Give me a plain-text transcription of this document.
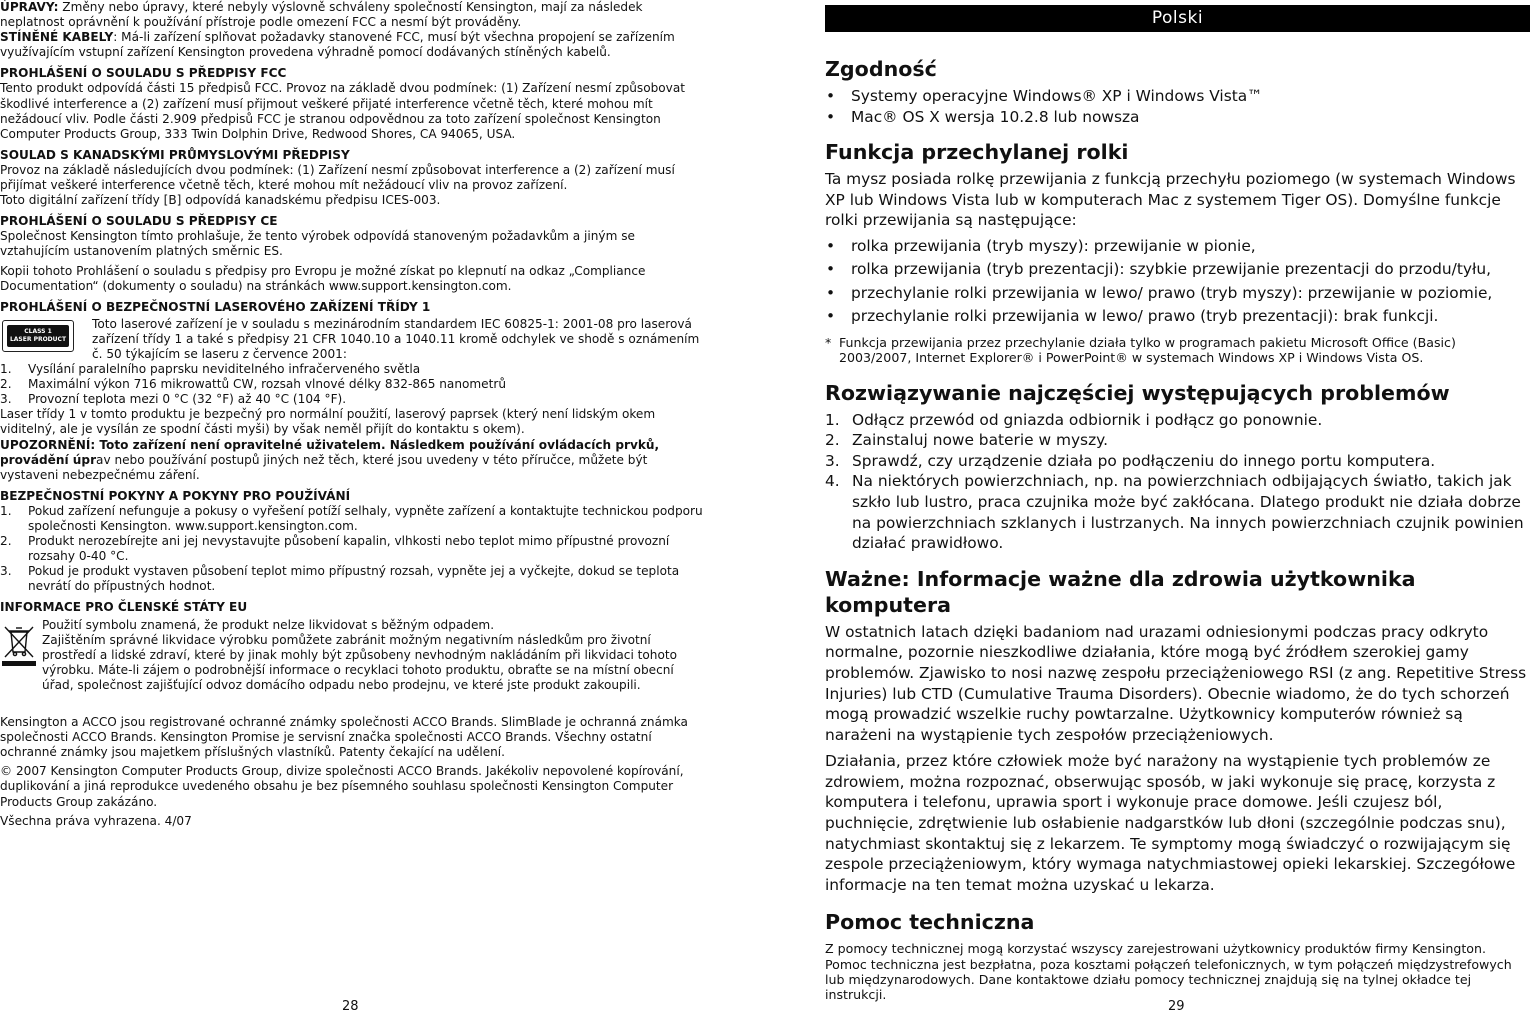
ÚPRAVY: Změny nebo úpravy, které nebyly výslovně schváleny společností Kensington, mají za následek neplatnost oprávnění k používání přístroje podle omezení FCC a nesmí být prováděny.

STÍNĚNÉ KABELY: Má-li zařízení splňovat požadavky stanovené FCC, musí být všechna propojení se zařízením využívajícím vstupní zařízení Kensington provedena výhradně pomocí dodávaných stíněných kabelů.

PROHLÁŠENÍ O SOULADU S PŘEDPISY FCC

Tento produkt odpovídá části 15 předpisů FCC. Provoz na základě dvou podmínek: (1) Zařízení nesmí způsobovat škodlivé interference a (2) zařízení musí přijmout veškeré přijaté interference včetně těch, které mohou mít nežádoucí vliv. Podle části 2.909 předpisů FCC je stranou odpovědnou za toto zařízení společnost Kensington Computer Products Group, 333 Twin Dolphin Drive, Redwood Shores, CA 94065, USA.

SOULAD S KANADSKÝMI PRŮMYSLOVÝMI PŘEDPISY

Provoz na základě následujících dvou podmínek: (1) Zařízení nesmí způsobovat interference a (2) zařízení musí přijímat veškeré interference včetně těch, které mohou mít nežádoucí vliv na provoz zařízení.

Toto digitální zařízení třídy [B] odpovídá kanadskému předpisu ICES-003.

PROHLÁŠENÍ O SOULADU S PŘEDPISY CE

Společnost Kensington tímto prohlašuje, že tento výrobek odpovídá stanoveným požadavkům a jiným se vztahujícím ustanovením platných směrnic ES.

Kopii tohoto Prohlášení o souladu s předpisy pro Evropu je možné získat po klepnutí na odkaz „Compliance Documentation“ (dokumenty o souladu) na stránkách www.support.kensington.com.

PROHLÁŠENÍ O BEZPEČNOSTNÍ LASEROVÉHO ZAŘÍZENÍ TŘÍDY 1

CLASS 1
LASER PRODUCT

Toto laserové zařízení je v souladu s mezinárodním standardem IEC 60825-1: 2001-08 pro laserová zařízení třídy 1 a také s předpisy 21 CFR 1040.10 a 1040.11 kromě odchylek ve shodě s oznámením č. 50 týkajícím se laseru z července 2001:

1. Vysílání paralelního paprsku neviditelného infračerveného světla
2. Maximální výkon 716 mikrowattů CW, rozsah vlnové délky 832-865 nanometrů
3. Provozní teplota mezi 0 °C (32 °F) až 40 °C (104 °F).

Laser třídy 1 v tomto produktu je bezpečný pro normální použití, laserový paprsek (který není lidským okem viditelný, ale je vysílán ze spodní části myši) by však neměl přijít do kontaktu s okem).

UPOZORNĚNÍ: Toto zařízení není opravitelné uživatelem. Následkem používání ovládacích prvků, provádění úprav nebo používání postupů jiných než těch, které jsou uvedeny v této příručce, můžete být vystaveni nebezpečnému záření.

BEZPEČNOSTNÍ POKYNY A POKYNY PRO POUŽÍVÁNÍ

1. Pokud zařízení nefunguje a pokusy o vyřešení potíží selhaly, vypněte zařízení a kontaktujte technickou podporu společnosti Kensington. www.support.kensington.com.
2. Produkt nerozebírejte ani jej nevystavujte působení kapalin, vlhkosti nebo teplot mimo přípustné provozní rozsahy 0-40 °C.
3. Pokud je produkt vystaven působení teplot mimo přípustný rozsah, vypněte jej a vyčkejte, dokud se teplota nevrátí do přípustných hodnot.

INFORMACE PRO ČLENSKÉ STÁTY EU

Použití symbolu znamená, že produkt nelze likvidovat s běžným odpadem.

Zajištěním správné likvidace výrobku pomůžete zabránit možným negativním následkům pro životní prostředí a lidské zdraví, které by jinak mohly být způsobeny nevhodným nakládáním při likvidaci tohoto výrobku. Máte-li zájem o podrobnější informace o recyklaci tohoto produktu, obraťte se na místní obecní úřad, společnost zajišťující odvoz domácího odpadu nebo prodejnu, ve které jste produkt zakoupili.

Kensington a ACCO jsou registrované ochranné známky společnosti ACCO Brands. SlimBlade je ochranná známka společnosti ACCO Brands. Kensington Promise je servisní značka společnosti ACCO Brands. Všechny ostatní ochranné známky jsou majetkem příslušných vlastníků. Patenty čekající na udělení.

© 2007 Kensington Computer Products Group, divize společnosti ACCO Brands. Jakékoliv nepovolené kopírování, duplikování a jiná reprodukce uvedeného obsahu je bez písemného souhlasu společnosti Kensington Computer Products Group zakázáno.

Všechna práva vyhrazena. 4/07

28
Polski
Zgodność
• Systemy operacyjne Windows® XP i Windows Vista™
• Mac® OS X wersja 10.2.8 lub nowsza
Funkcja przechylanej rolki

Ta mysz posiada rolkę przewijania z funkcją przechyłu poziomego (w systemach Windows XP lub Windows Vista lub w komputerach Mac z systemem Tiger OS). Domyślne funkcje rolki przewijania są następujące:

• rolka przewijania (tryb myszy): przewijanie w pionie,
• rolka przewijania (tryb prezentacji): szybkie przewijanie prezentacji do przodu/tyłu,
• przechylanie rolki przewijania w lewo/ prawo (tryb myszy): przewijanie w poziomie,
• przechylanie rolki przewijania w lewo/ prawo (tryb prezentacji): brak funkcji.

* Funkcja przewijania przez przechylanie działa tylko w programach pakietu Microsoft Office (Basic) 2003/2007, Internet Explorer® i PowerPoint® w systemach Windows XP i Windows Vista OS.

Rozwiązywanie najczęściej występujących problemów
1. Odłącz przewód od gniazda odbiornik i podłącz go ponownie.
2. Zainstaluj nowe baterie w myszy.
3. Sprawdź, czy urządzenie działa po podłączeniu do innego portu komputera.
4. Na niektórych powierzchniach, np. na powierzchniach odbijających światło, takich jak szkło lub lustro, praca czujnika może być zakłócana. Dlatego produkt nie działa dobrze na powierzchniach szklanych i lustrzanych. Na innych powierzchniach czujnik powinien działać prawidłowo.
Ważne: Informacje ważne dla zdrowia użytkownika komputera

W ostatnich latach dzięki badaniom nad urazami odniesionymi podczas pracy odkryto normalne, pozornie nieszkodliwe działania, które mogą być źródłem szerokiej gamy problemów. Zjawisko to nosi nazwę zespołu przeciążeniowego RSI (z ang. Repetitive Stress Injuries) lub CTD (Cumulative Trauma Disorders). Obecnie wiadomo, że do tych schorzeń mogą prowadzić wszelkie ruchy powtarzalne. Użytkownicy komputerów również są narażeni na wystąpienie tych zespołów przeciążeniowych.

Działania, przez które człowiek może być narażony na wystąpienie tych problemów ze zdrowiem, można rozpoznać, obserwując sposób, w jaki wykonuje się pracę, korzysta z komputera i telefonu, uprawia sport i wykonuje prace domowe. Jeśli czujesz ból, puchnięcie, zdrętwienie lub osłabienie nadgarstków lub dłoni (szczególnie podczas snu), natychmiast skontaktuj się z lekarzem. Te symptomy mogą świadczyć o rozwijającym się zespole przeciążeniowym, który wymaga natychmiastowej opieki lekarskiej. Szczegółowe informacje na ten temat można uzyskać u lekarza.

Pomoc techniczna

Z pomocy technicznej mogą korzystać wszyscy zarejestrowani użytkownicy produktów firmy Kensington. Pomoc techniczna jest bezpłatna, poza kosztami połączeń telefonicznych, w tym połączeń międzystrefowych lub międzynarodowych. Dane kontaktowe działu pomocy technicznej znajdują się na tylnej okładce tej instrukcji.

29
